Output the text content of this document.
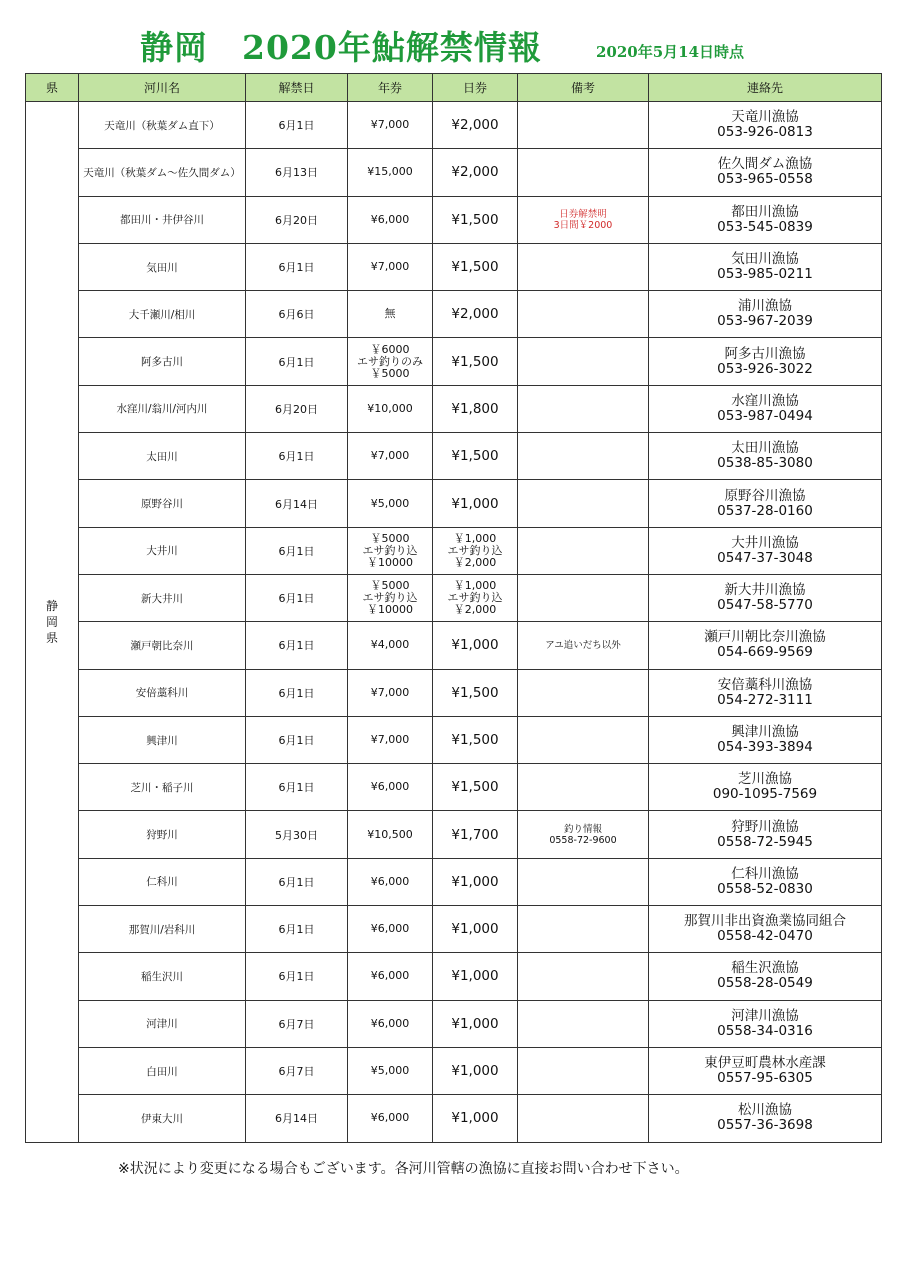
静岡 2020年鮎解禁情報	2020年5月14日時点
県	河川名	解禁日	年券	日券	備考	連絡先

静
岡
県	天竜川（秋葉ダム直下）	6月1日	¥7,000	¥2,000		天竜川漁協
053-926-0813

	天竜川（秋葉ダム～佐久間ダム）	6月13日	¥15,000	¥2,000		佐久間ダム漁協
053-965-0558

	都田川・井伊谷川	6月20日	¥6,000	¥1,500	日券解禁明
3日間￥2000	都田川漁協
053-545-0839

	気田川	6月1日	¥7,000	¥1,500		気田川漁協
053-985-0211

	大千瀬川/相川	6月6日	無	¥2,000		浦川漁協
053-967-2039

	阿多古川	6月1日	￥6000
エサ釣りのみ
￥5000	¥1,500		阿多古川漁協
053-926-3022

	水窪川/翁川/河内川	6月20日	¥10,000	¥1,800		水窪川漁協
053-987-0494

	太田川	6月1日	¥7,000	¥1,500		太田川漁協
0538-85-3080

	原野谷川	6月14日	¥5,000	¥1,000		原野谷川漁協
0537-28-0160

	大井川	6月1日	￥5000
エサ釣り込
￥10000	￥1,000
エサ釣り込
￥2,000		大井川漁協
0547-37-3048

	新大井川	6月1日	￥5000
エサ釣り込
￥10000	￥1,000
エサ釣り込
￥2,000		新大井川漁協
0547-58-5770

	瀬戸朝比奈川	6月1日	¥4,000	¥1,000	アユ追いだち以外	瀬戸川朝比奈川漁協
054-669-9569

	安倍藁科川	6月1日	¥7,000	¥1,500		安倍藁科川漁協
054-272-3111

	興津川	6月1日	¥7,000	¥1,500		興津川漁協
054-393-3894

	芝川・稲子川	6月1日	¥6,000	¥1,500		芝川漁協
090-1095-7569

	狩野川	5月30日	¥10,500	¥1,700	釣り情報
0558-72-9600	狩野川漁協
0558-72-5945

	仁科川	6月1日	¥6,000	¥1,000		仁科川漁協
0558-52-0830

	那賀川/岩科川	6月1日	¥6,000	¥1,000		那賀川非出資漁業協同組合
0558-42-0470

	稲生沢川	6月1日	¥6,000	¥1,000		稲生沢漁協
0558-28-0549

	河津川	6月7日	¥6,000	¥1,000		河津川漁協
0558-34-0316

	白田川	6月7日	¥5,000	¥1,000		東伊豆町農林水産課
0557-95-6305

	伊東大川	6月14日	¥6,000	¥1,000		松川漁協
0557-36-3698
※状況により変更になる場合もございます。各河川管轄の漁協に直接お問い合わせ下さい。
